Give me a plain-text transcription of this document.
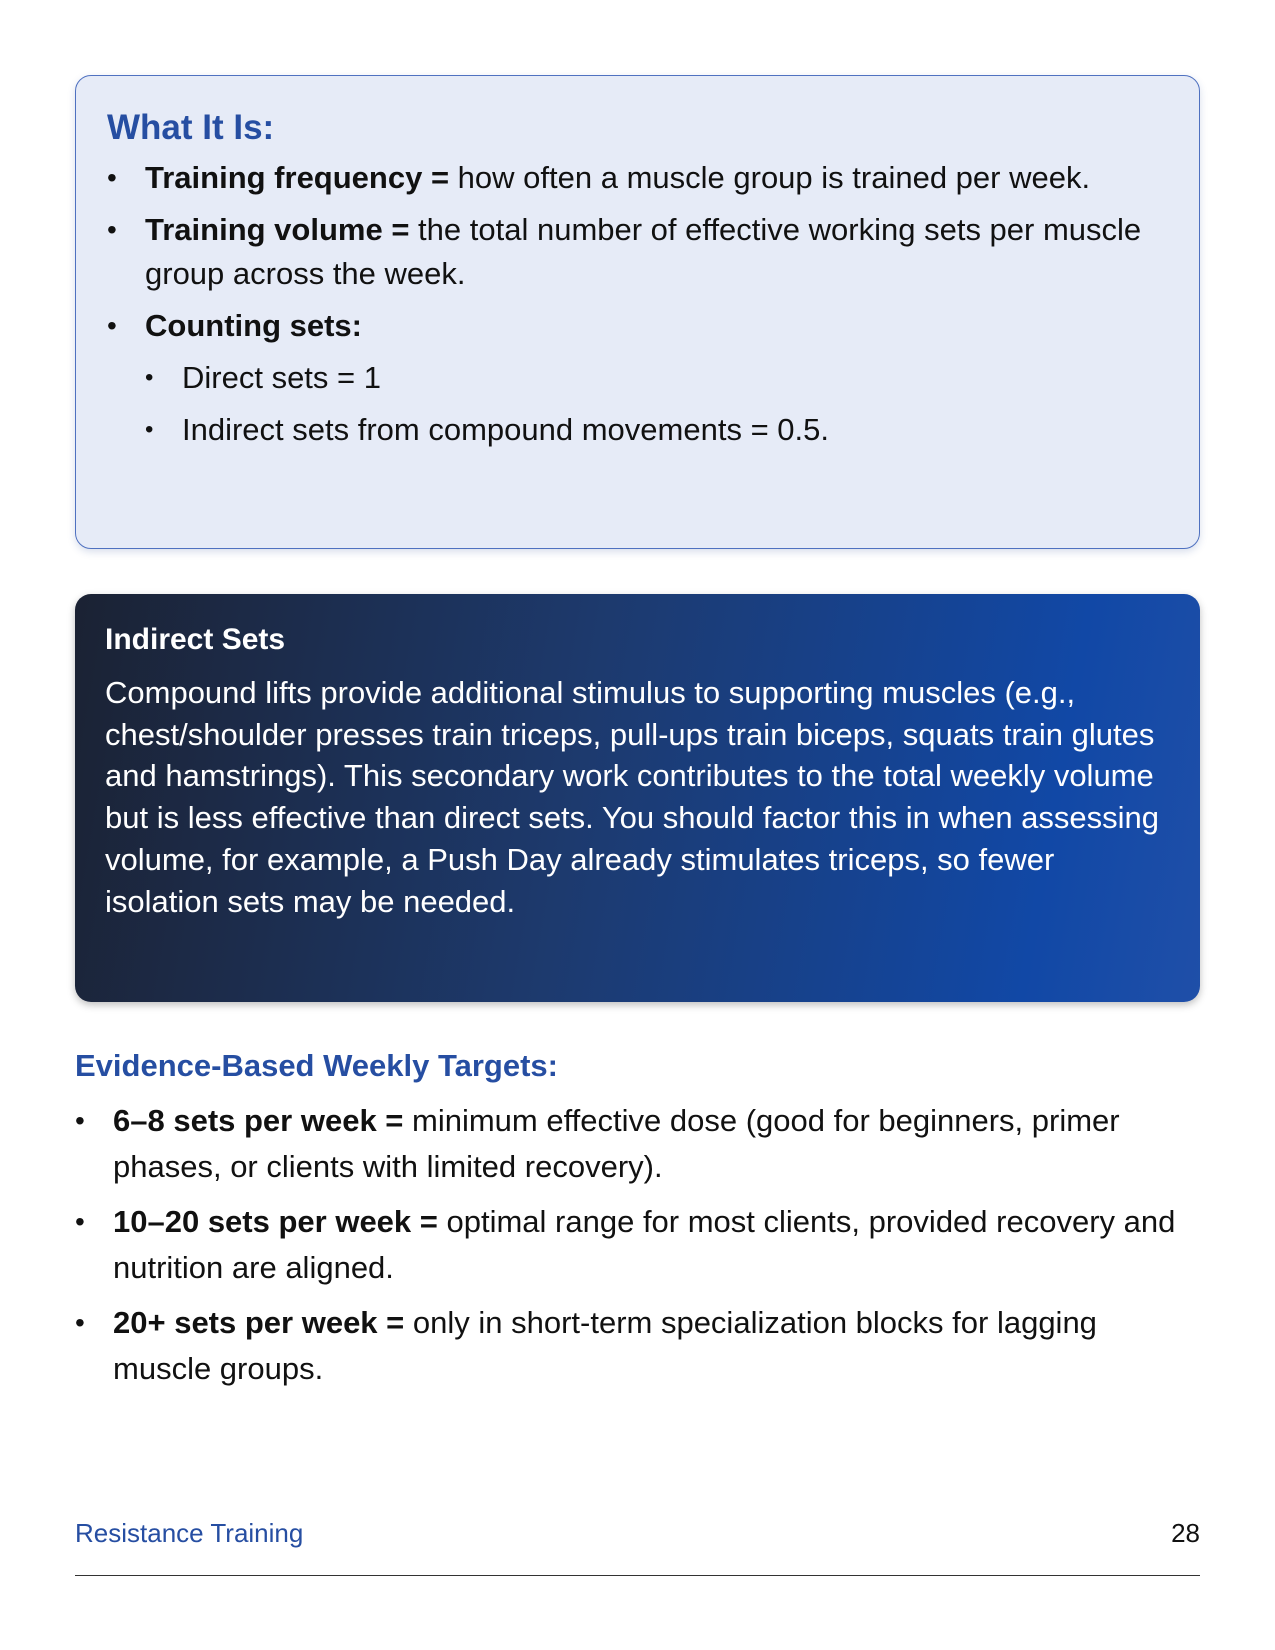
What It Is:
• Training frequency = how often a muscle group is trained per week.
• Training volume = the total number of effective working sets per muscle group across the week.
• Counting sets:
• Direct sets = 1
• Indirect sets from compound movements = 0.5.
Indirect Sets
Compound lifts provide additional stimulus to supporting muscles (e.g., chest/shoulder presses train triceps, pull-ups train biceps, squats train glutes and hamstrings). This secondary work contributes to the total weekly volume but is less effective than direct sets. You should factor this in when assessing volume, for example, a Push Day already stimulates triceps, so fewer isolation sets may be needed.
Evidence-Based Weekly Targets:
• 6–8 sets per week = minimum effective dose (good for beginners, primer phases, or clients with limited recovery).
• 10–20 sets per week = optimal range for most clients, provided recovery and nutrition are aligned.
• 20+ sets per week = only in short-term specialization blocks for lagging muscle groups.
Resistance Training	28
